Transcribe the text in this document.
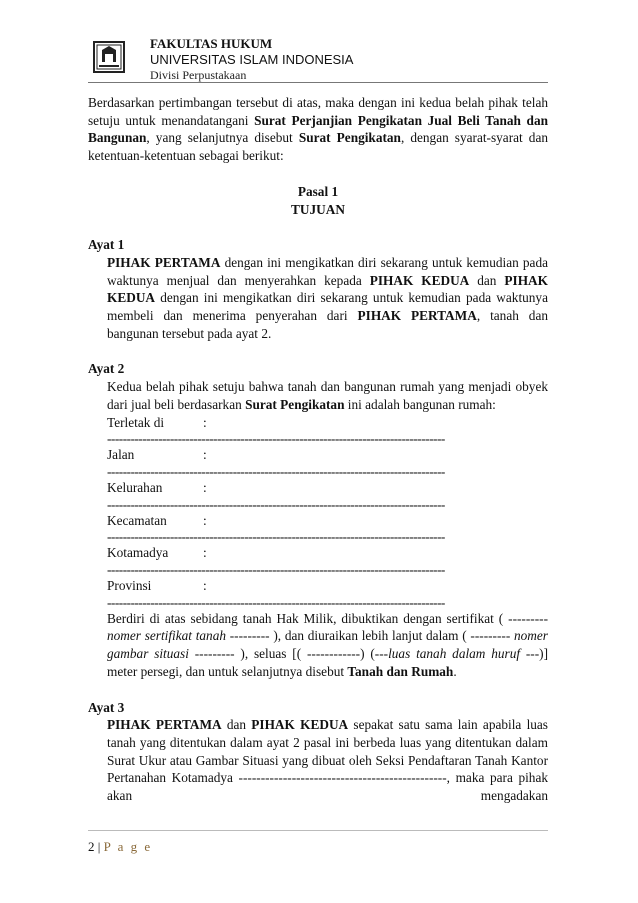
FAKULTAS HUKUM
UNIVERSITAS ISLAM INDONESIA
Divisi Perpustakaan

Berdasarkan pertimbangan tersebut di atas, maka dengan ini kedua belah pihak telah setuju untuk menandatangani Surat Perjanjian Pengikatan Jual Beli Tanah dan Bangunan, yang selanjutnya disebut Surat Pengikatan, dengan syarat-syarat dan ketentuan-ketentuan sebagai berikut:

Pasal 1

TUJUAN

Ayat 1

PIHAK PERTAMA dengan ini mengikatkan diri sekarang untuk kemudian pada waktunya menjual dan menyerahkan kepada PIHAK KEDUA dan PIHAK KEDUA dengan ini mengikatkan diri sekarang untuk kemudian pada waktunya membeli dan menerima penyerahan dari PIHAK PERTAMA, tanah dan bangunan tersebut pada ayat 2.

Ayat 2

Kedua belah pihak setuju bahwa tanah dan bangunan rumah yang menjadi obyek dari jual beli berdasarkan Surat Pengikatan ini adalah bangunan rumah:

Terletak di	:
--------------------------------------------------------------------------------------
Jalan	:
--------------------------------------------------------------------------------------
Kelurahan	:
--------------------------------------------------------------------------------------
Kecamatan	:
--------------------------------------------------------------------------------------
Kotamadya	:
--------------------------------------------------------------------------------------
Provinsi	:
--------------------------------------------------------------------------------------

Berdiri di atas sebidang tanah Hak Milik, dibuktikan dengan sertifikat ( --------- nomer sertifikat tanah --------- ), dan diuraikan lebih lanjut dalam ( --------- nomer gambar situasi --------- ), seluas [( ------------) (---luas tanah dalam huruf ---)] meter persegi, dan untuk selanjutnya disebut Tanah dan Rumah.

Ayat 3

PIHAK PERTAMA dan PIHAK KEDUA sepakat satu sama lain apabila luas tanah yang ditentukan dalam ayat 2 pasal ini berbeda luas yang ditentukan dalam Surat Ukur atau Gambar Situasi yang dibuat oleh Seksi Pendaftaran Tanah Kantor Pertanahan Kotamadya -----------------------------------------------, maka para pihak akan mengadakan

2 | P a g e
